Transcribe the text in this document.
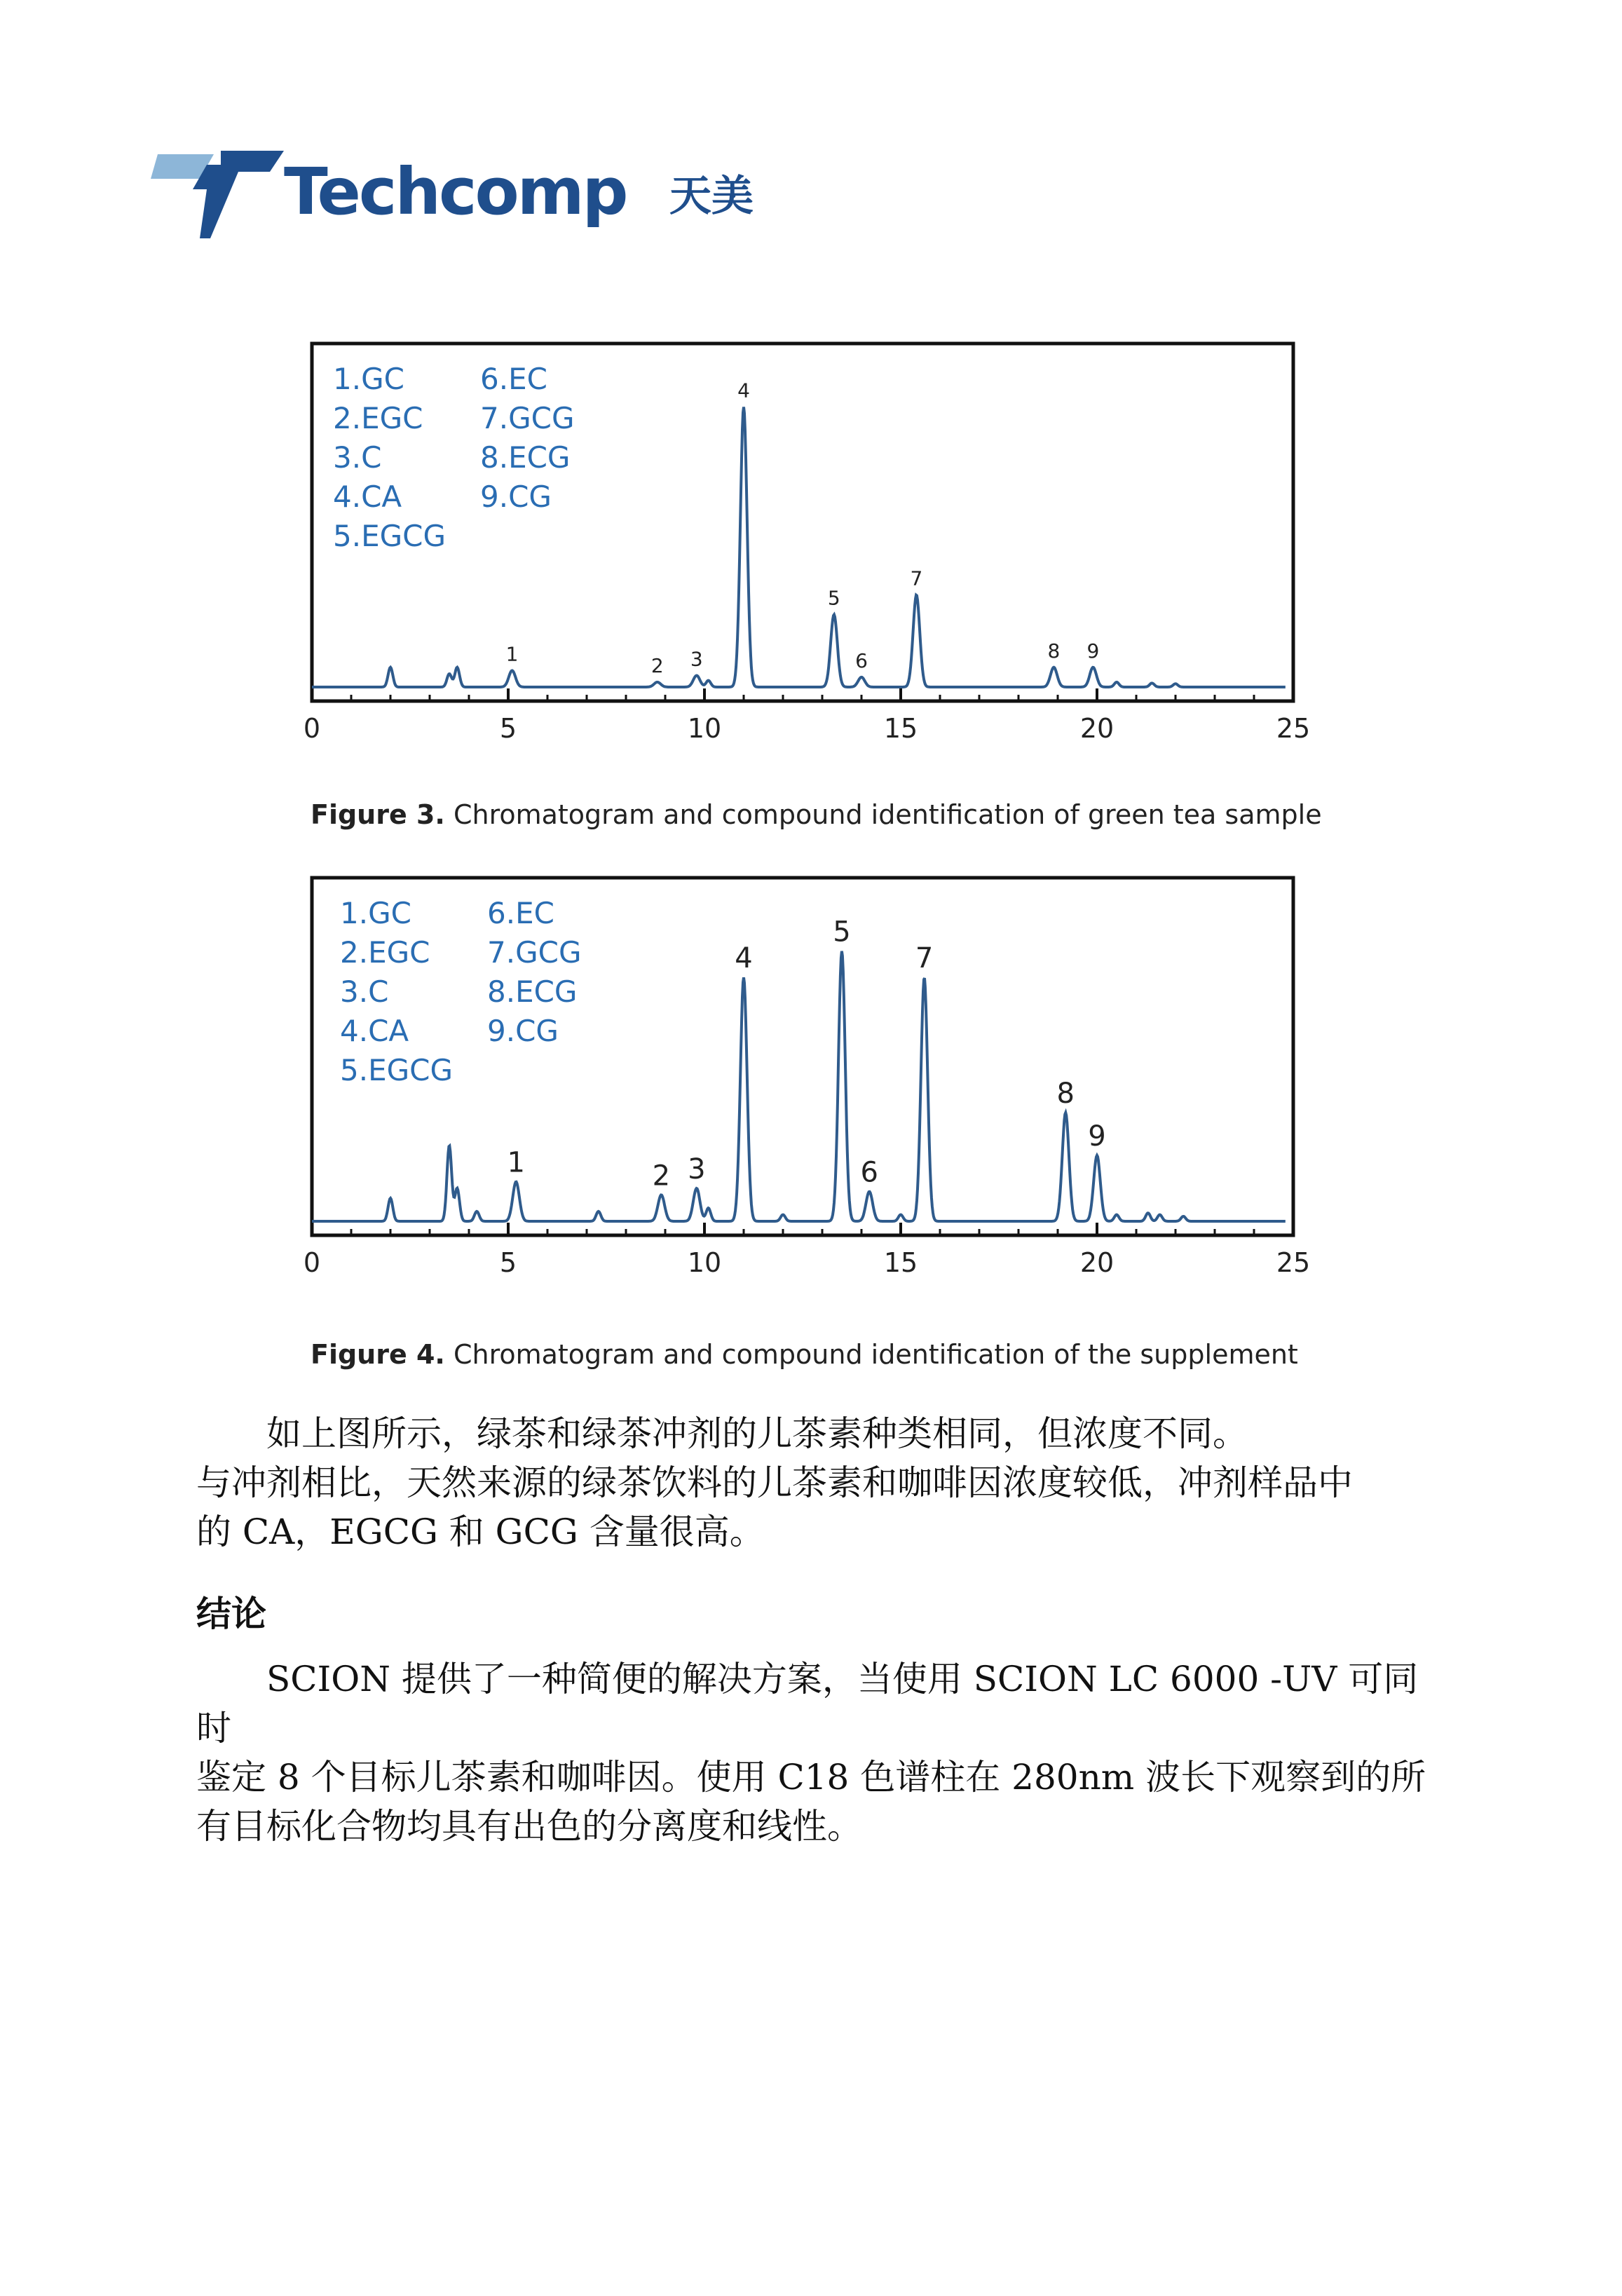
Techcomp 天美
0	5	10	15	20	25
1.GC
2.EGC
3.C
4.CA
5.EGCG
6.EC
7.GCG
8.ECG
9.CG
1	2 3
4
5
6
7
8 9
Figure 3. Chromatogram and compound identification of green tea sample
0	5	10	15	20	25
1.GC
2.EGC
3.C
4.CA
5.EGCG
6.EC
7.GCG
8.ECG
9.CG
1	2 3
4
5
6
7
8
9
Figure 4. Chromatogram and compound identification of the supplement
如上图所示，绿茶和绿茶冲剂的儿茶素种类相同，但浓度不同。
与冲剂相比，天然来源的绿茶饮料的儿茶素和咖啡因浓度较低，冲剂样品中
的 CA，EGCG 和 GCG 含量很高。
结论
SCION 提供了一种简便的解决方案，当使用 SCION LC 6000 -UV 可同时
鉴定 8 个目标儿茶素和咖啡因。使用 C18 色谱柱在 280nm 波长下观察到的所
有目标化合物均具有出色的分离度和线性。
